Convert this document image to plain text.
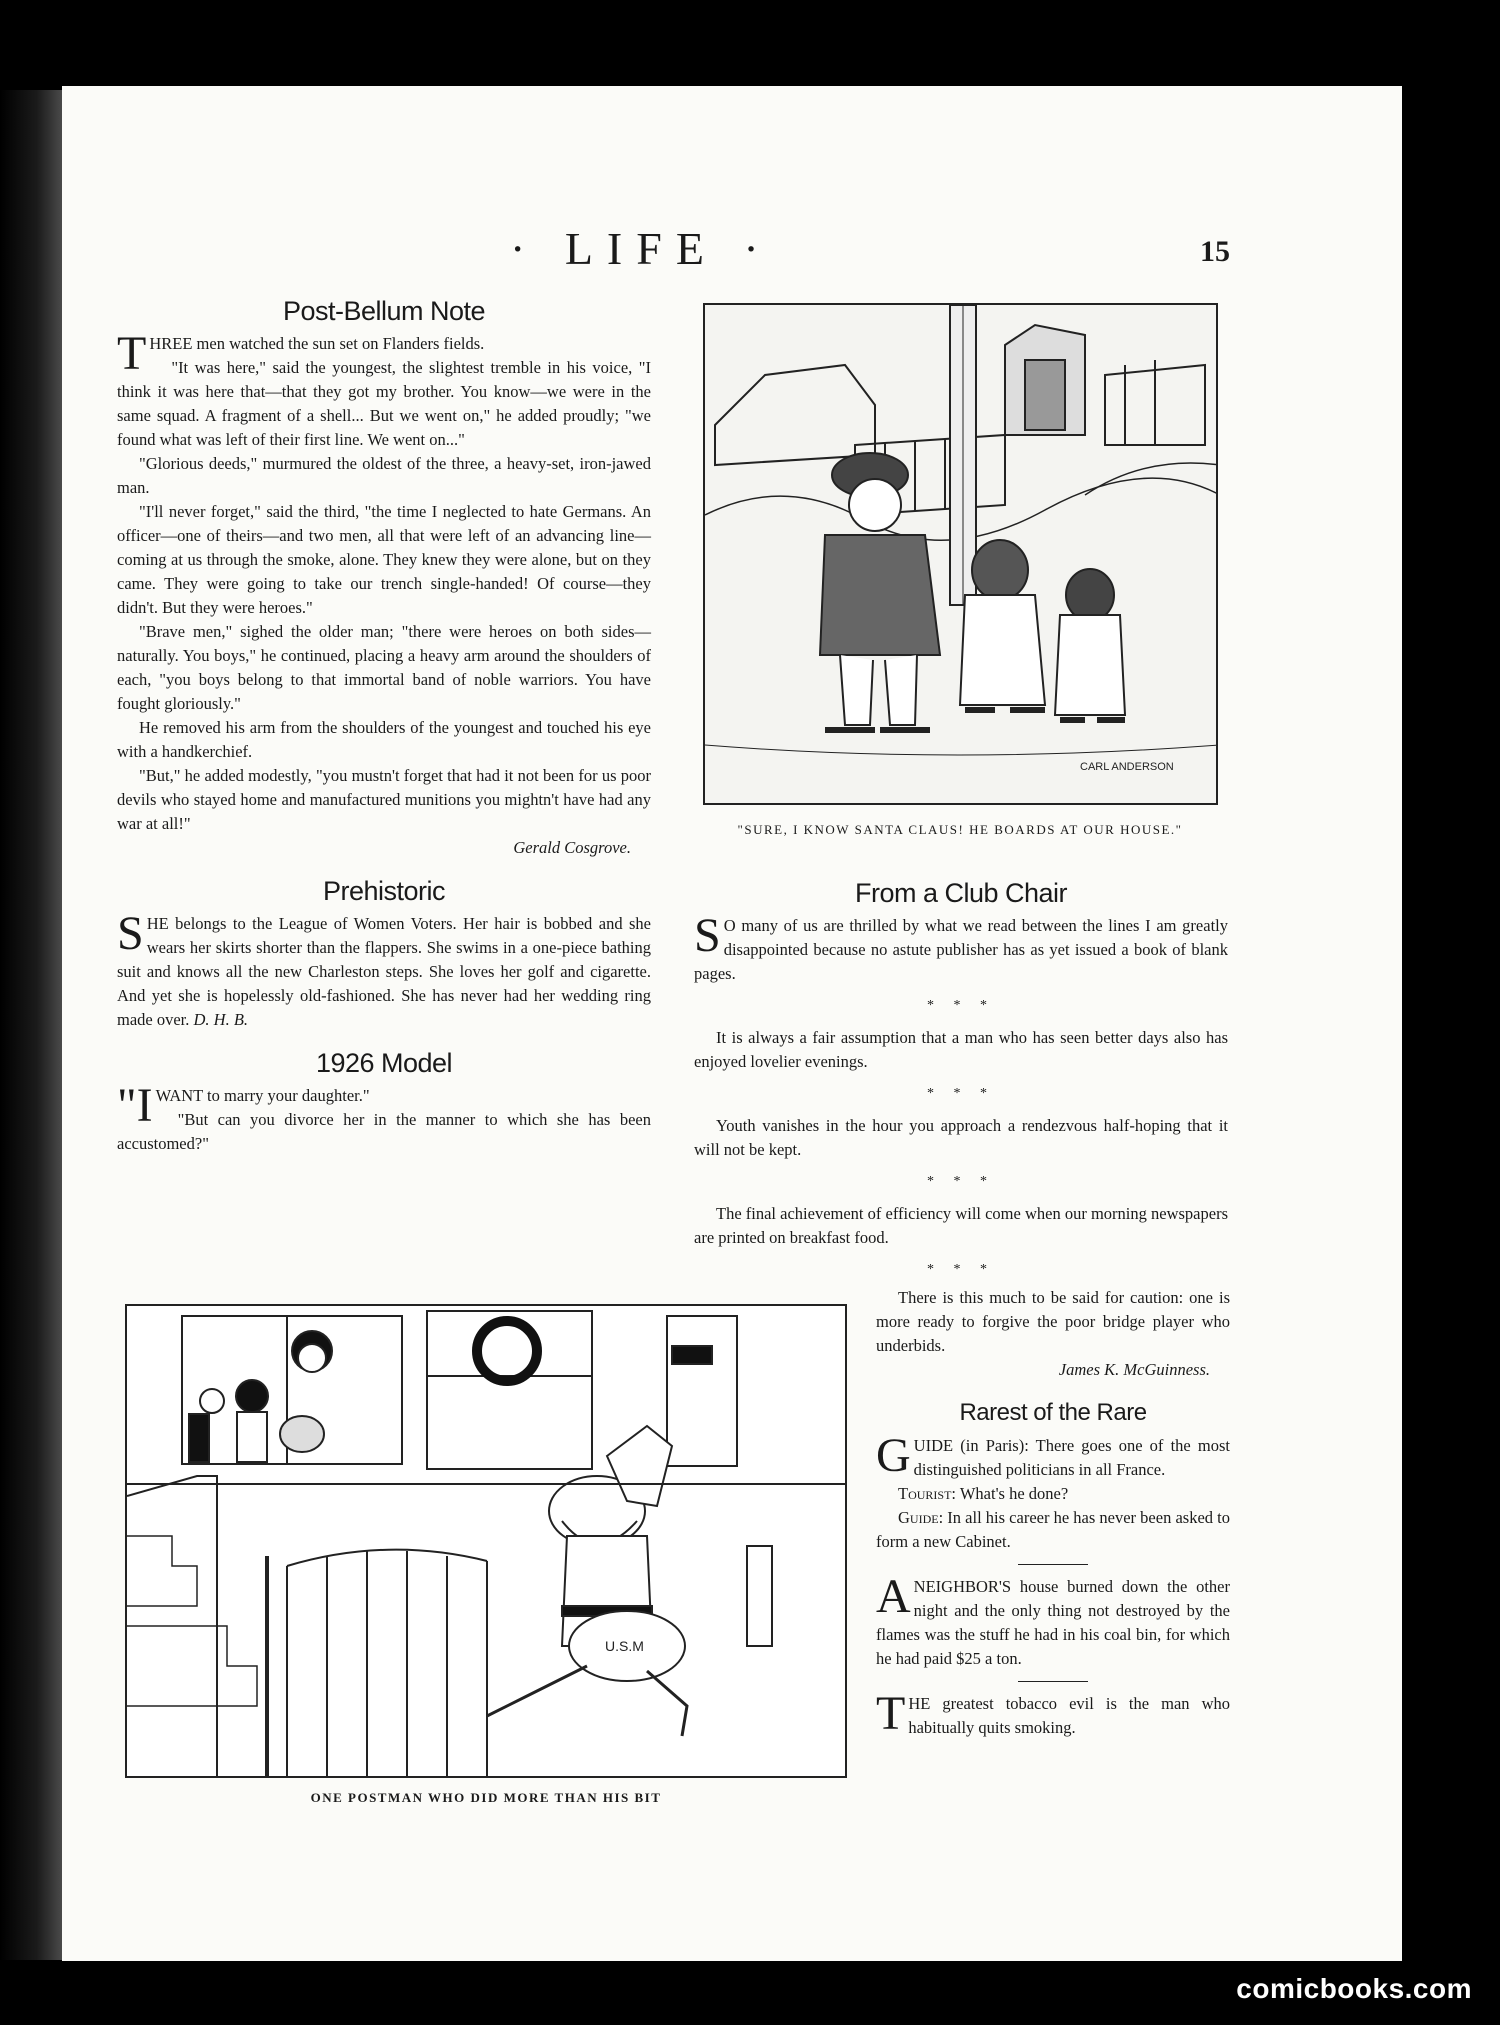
· LIFE ·	15
Post-Bellum Note

THREE men watched the sun set on Flanders fields.

"It was here," said the youngest, the slightest tremble in his voice, "I think it was here that—that they got my brother. You know—we were in the same squad. A fragment of a shell... But we went on," he added proudly; "we found what was left of their first line. We went on..."

"Glorious deeds," murmured the oldest of the three, a heavy-set, iron-jawed man.

"I'll never forget," said the third, "the time I neglected to hate Germans. An officer—one of theirs—and two men, all that were left of an advancing line—coming at us through the smoke, alone. They knew they were alone, but on they came. They were going to take our trench single-handed! Of course—they didn't. But they were heroes."

"Brave men," sighed the older man; "there were heroes on both sides—naturally. You boys," he continued, placing a heavy arm around the shoulders of each, "you boys belong to that immortal band of noble warriors. You have fought gloriously."

He removed his arm from the shoulders of the youngest and touched his eye with a handkerchief.

"But," he added modestly, "you mustn't forget that had it not been for us poor devils who stayed home and manufactured munitions you mightn't have had any war at all!"

Gerald Cosgrove.
Prehistoric

SHE belongs to the League of Women Voters. Her hair is bobbed and she wears her skirts shorter than the flappers. She swims in a one-piece bathing suit and knows all the new Charleston steps. She loves her golf and cigarette. And yet she is hopelessly old-fashioned. She has never had her wedding ring made over. D. H. B.

1926 Model

"IWANT to marry your daughter."

"But can you divorce her in the manner to which she has been accustomed?"

CARL ANDERSON
"SURE, I KNOW SANTA CLAUS! HE BOARDS AT OUR HOUSE."
From a Club Chair

S O many of us are thrilled by what we read between the lines I am greatly disappointed because no astute publisher has as yet issued a book of blank pages.

* * *

It is always a fair assumption that a man who has seen better days also has enjoyed lovelier evenings.

* * *

Youth vanishes in the hour you approach a rendezvous half-hoping that it will not be kept.

* * *

The final achievement of efficiency will come when our morning newspapers are printed on breakfast food.

* * *

There is this much to be said for caution: one is more ready to forgive the poor bridge player who underbids.

James K. McGuinness.
Rarest of the Rare

GUIDE (in Paris): There goes one of the most distinguished politicians in all France.

Tourist: What's he done?

Guide: In all his career he has never been asked to form a new Cabinet.

ANEIGHBOR'S house burned down the other night and the only thing not destroyed by the flames was the stuff he had in his coal bin, for which he had paid $25 a ton.

THE greatest tobacco evil is the man who habitually quits smoking.

U.S.M
ONE POSTMAN WHO DID MORE THAN HIS BIT
comicbooks.com
